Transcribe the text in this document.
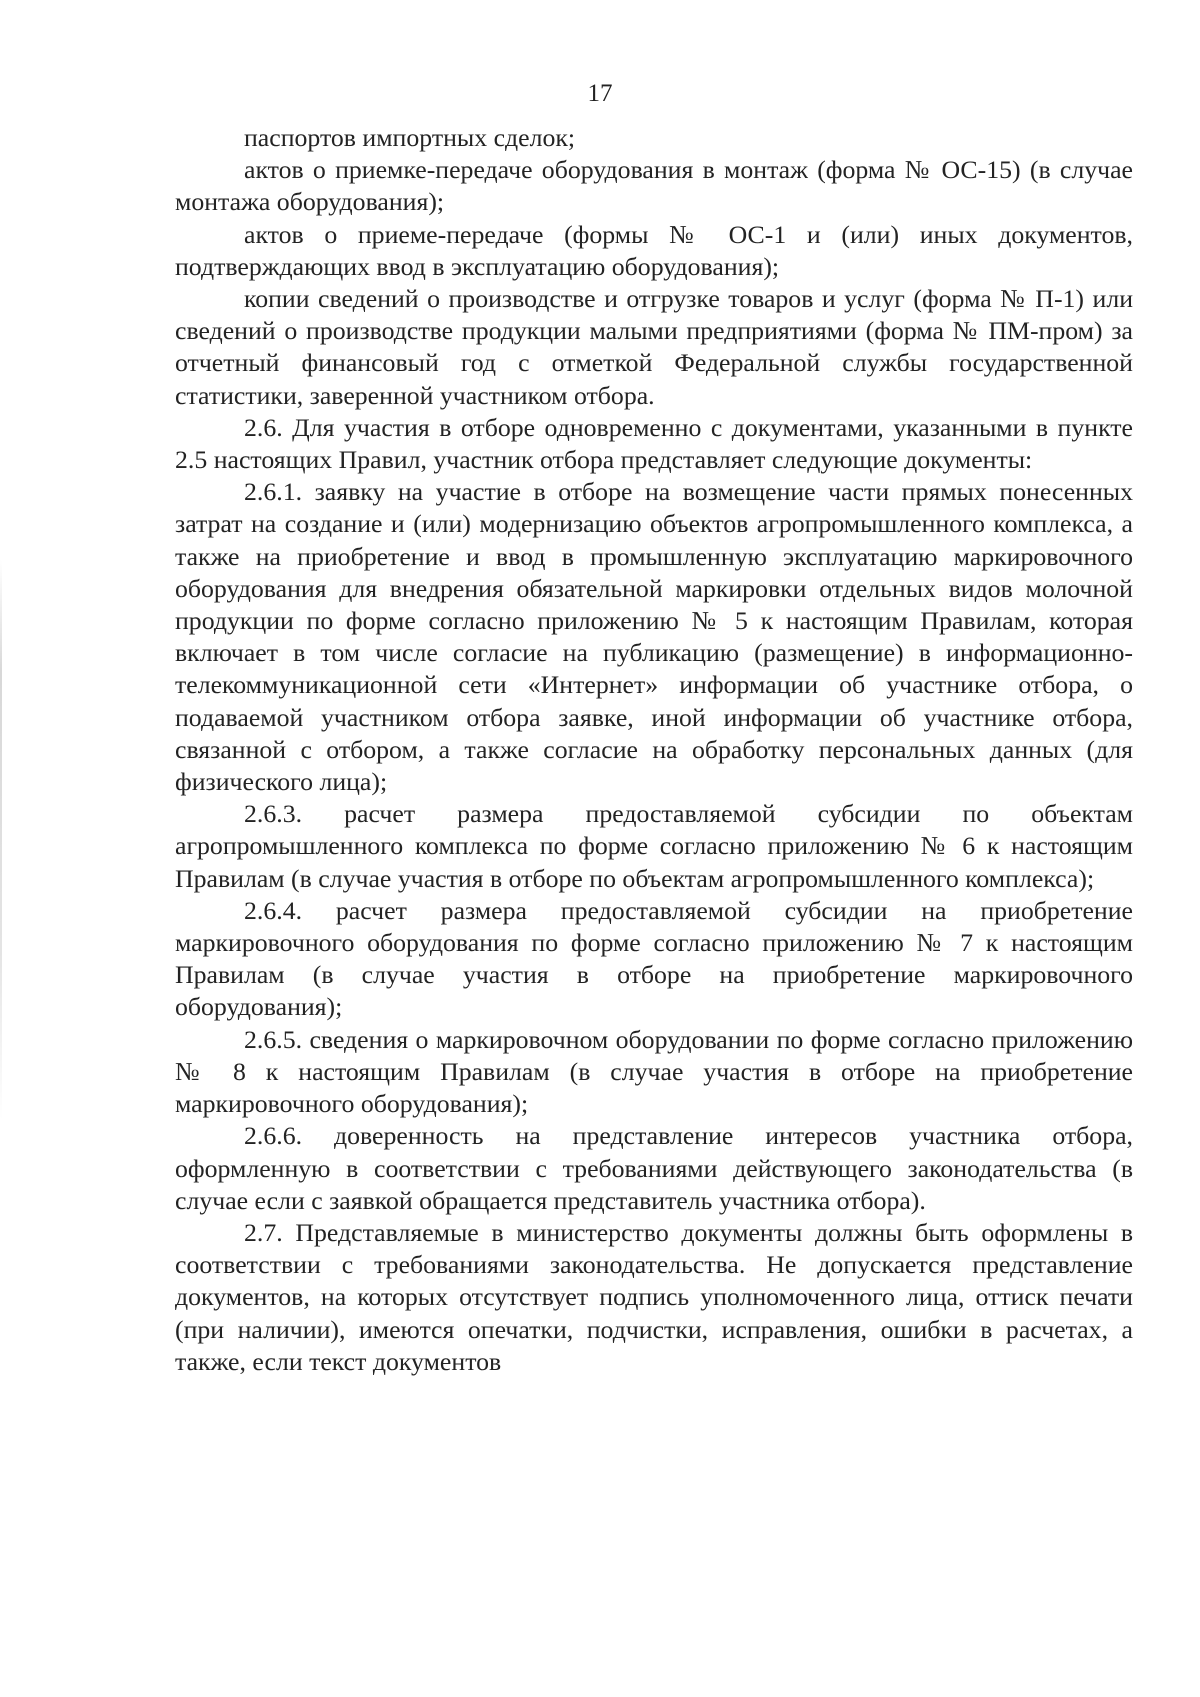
17

паспортов импортных сделок;

актов о приемке-передаче оборудования в монтаж (форма № ОС-15) (в случае монтажа оборудования);

актов о приеме-передаче (формы № ОС-1 и (или) иных документов, подтверждающих ввод в эксплуатацию оборудования);

копии сведений о производстве и отгрузке товаров и услуг (форма № П-1) или сведений о производстве продукции малыми предприятиями (форма № ПМ-пром) за отчетный финансовый год с отметкой Федеральной службы государственной статистики, заверенной участником отбора.

2.6. Для участия в отборе одновременно с документами, указанными в пункте 2.5 настоящих Правил, участник отбора представляет следующие документы:

2.6.1. заявку на участие в отборе на возмещение части прямых понесенных затрат на создание и (или) модернизацию объектов агропромышленного комплекса, а также на приобретение и ввод в промышленную эксплуатацию маркировочного оборудования для внедрения обязательной маркировки отдельных видов молочной продукции по форме согласно приложению № 5 к настоящим Правилам, которая включает в том числе согласие на публикацию (размещение) в информационно-телекоммуникационной сети «Интернет» информации об участнике отбора, о подаваемой участником отбора заявке, иной информации об участнике отбора, связанной с отбором, а также согласие на обработку персональных данных (для физического лица);

2.6.3. расчет размера предоставляемой субсидии по объектам агропромышленного комплекса по форме согласно приложению № 6 к настоящим Правилам (в случае участия в отборе по объектам агропромышленного комплекса);

2.6.4. расчет размера предоставляемой субсидии на приобретение маркировочного оборудования по форме согласно приложению № 7 к настоящим Правилам (в случае участия в отборе на приобретение маркировочного оборудования);

2.6.5. сведения о маркировочном оборудовании по форме согласно приложению № 8 к настоящим Правилам (в случае участия в отборе на приобретение маркировочного оборудования);

2.6.6. доверенность на представление интересов участника отбора, оформленную в соответствии с требованиями действующего законодательства (в случае если с заявкой обращается представитель участника отбора).

2.7. Представляемые в министерство документы должны быть оформлены в соответствии с требованиями законодательства. Не допускается представление документов, на которых отсутствует подпись уполномоченного лица, оттиск печати (при наличии), имеются опечатки, подчистки, исправления, ошибки в расчетах, а также, если текст документов
